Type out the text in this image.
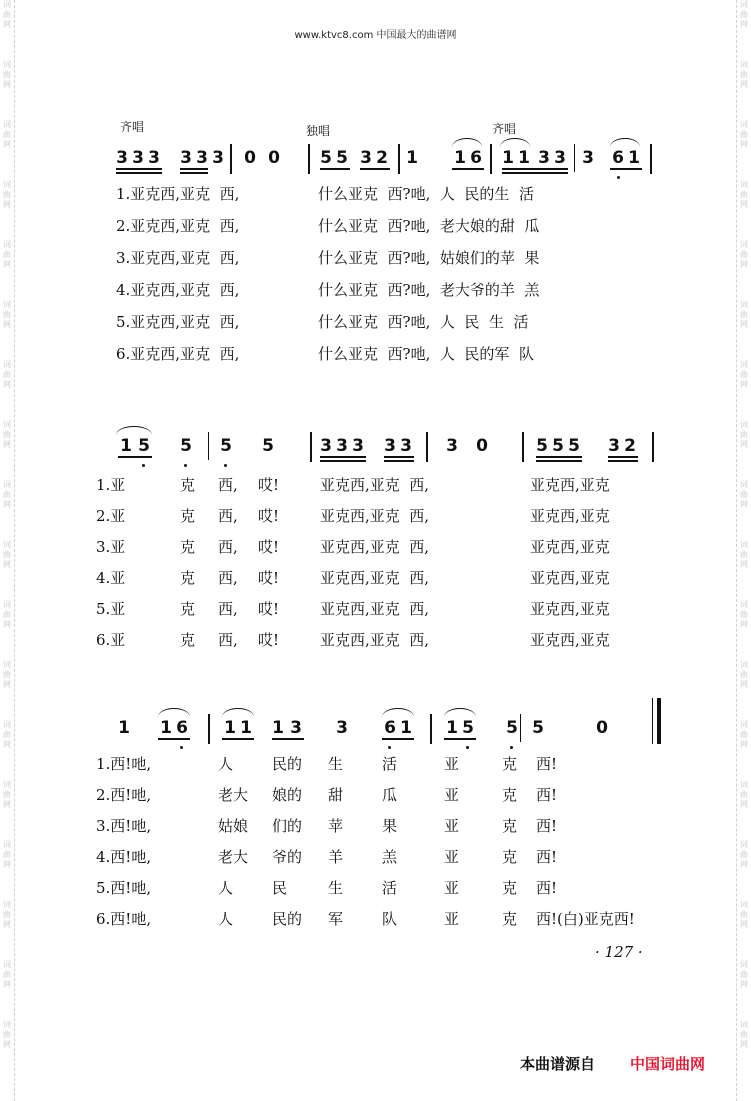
词
曲
网
词
曲
网
词
曲
网
词
曲
网
词
曲
网
词
曲
网
词
曲
网
词
曲
网
词
曲
网
词
曲
网
词
曲
网
词
曲
网
词
曲
网
词
曲
网
词
曲
网
词
曲
网
词
曲
网
词
曲
网
词
曲
网
词
曲
网
词
曲
网
词
曲
网
词
曲
网
词
曲
网
词
曲
网
词
曲
网
词
曲
网
词
曲
网
词
曲
网
词
曲
网
词
曲
网
词
曲
网
词
曲
网
词
曲
网
词
曲
网
词
曲
网
www.ktvc8.com 中国最大的曲谱网
齐唱	独唱	齐唱
3 3 3 3 3 3 0 0 5 5 3 2 1 1 6 1 1 3 3 3 6 1
1.亚克西,亚克  西,	什么亚克  西?吔,  人  民的生  活
2.亚克西,亚克  西,	什么亚克  西?吔,  老大娘的甜  瓜
3.亚克西,亚克  西,	什么亚克  西?吔,  姑娘们的苹  果
4.亚克西,亚克  西,	什么亚克  西?吔,  老大爷的羊  羔
5.亚克西,亚克  西,	什么亚克  西?吔,  人  民  生  活
6.亚克西,亚克  西,	什么亚克  西?吔,  人  民的军  队
1 5 5 5 5	3 3 3 3 3 3 0	5 5 5 3 2
1.亚	克 西, 哎!	亚克西,亚克  西,	亚克西,亚克
2.亚	克 西, 哎!	亚克西,亚克  西,	亚克西,亚克
3.亚	克 西, 哎!	亚克西,亚克  西,	亚克西,亚克
4.亚	克 西, 哎!	亚克西,亚克  西,	亚克西,亚克
5.亚	克 西, 哎!	亚克西,亚克  西,	亚克西,亚克
6.亚	克 西, 哎!	亚克西,亚克  西,	亚克西,亚克
1 1 6 1 1 1 3 3 6 1 1 5 5 5	0
1.西!吔,	人	民的 生	活	亚	克 西!
2.西!吔,	老大 娘的 甜	瓜	亚	克 西!
3.西!吔,	姑娘 们的 苹	果	亚	克 西!
4.西!吔,	老大 爷的 羊	羔	亚	克 西!
5.西!吔,	人	民	生	活	亚	克 西!
6.西!吔,	人	民的 军	队	亚	克 西!(白)亚克西!
· 127 ·
本曲谱源自 中国词曲网
